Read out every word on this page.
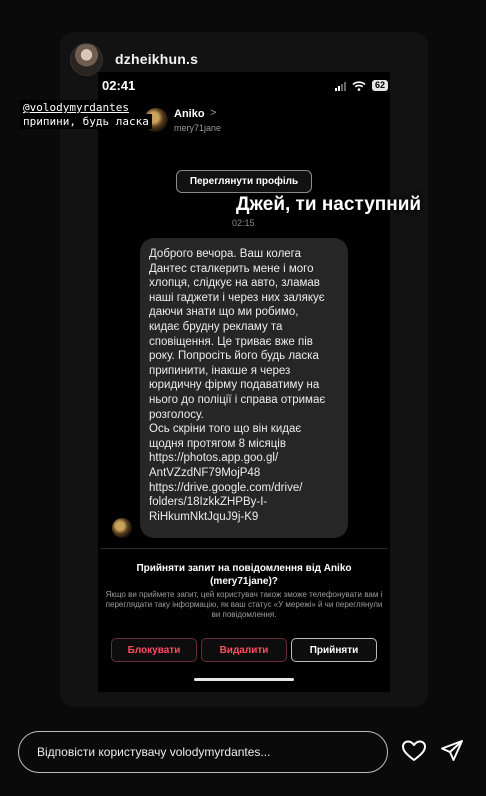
dzheikhun.s
02:41	62
Aniko >
mery71jane
@volodymyrdantes
припини, будь ласка
Переглянути профіль
Джей, ти наступний
02:15
Доброго вечора. Ваш колега
Дантес сталкерить мене і мого
хлопця, слідкує на авто, зламав
наші гаджети і через них залякує
даючи знати що ми робимо,
кидає брудну рекламу та
сповіщення. Це триває вже пів
року. Попросіть його будь ласка
припинити, інакше я через
юридичну фірму подаватиму на
нього до поліції і справа отримає
розголосу.
Ось скріни того що він кидає
щодня протягом 8 місяців
https://photos.app.goo.gl/
AntVZzdNF79MojP48
https://drive.google.com/drive/
folders/18IzkkZHPBy-I-
RiHkumNktJquJ9j-K9
Прийняти запит на повідомлення від Aniko
(mery71jane)?
Якщо ви приймете запит, цей користувач також зможе телефонувати вам і переглядати таку інформацію, як ваш статус «У мережі» й чи переглянули ви повідомлення.
Блокувати	Видалити	Прийняти
Відповісти користувачу volodymyrdantes...
